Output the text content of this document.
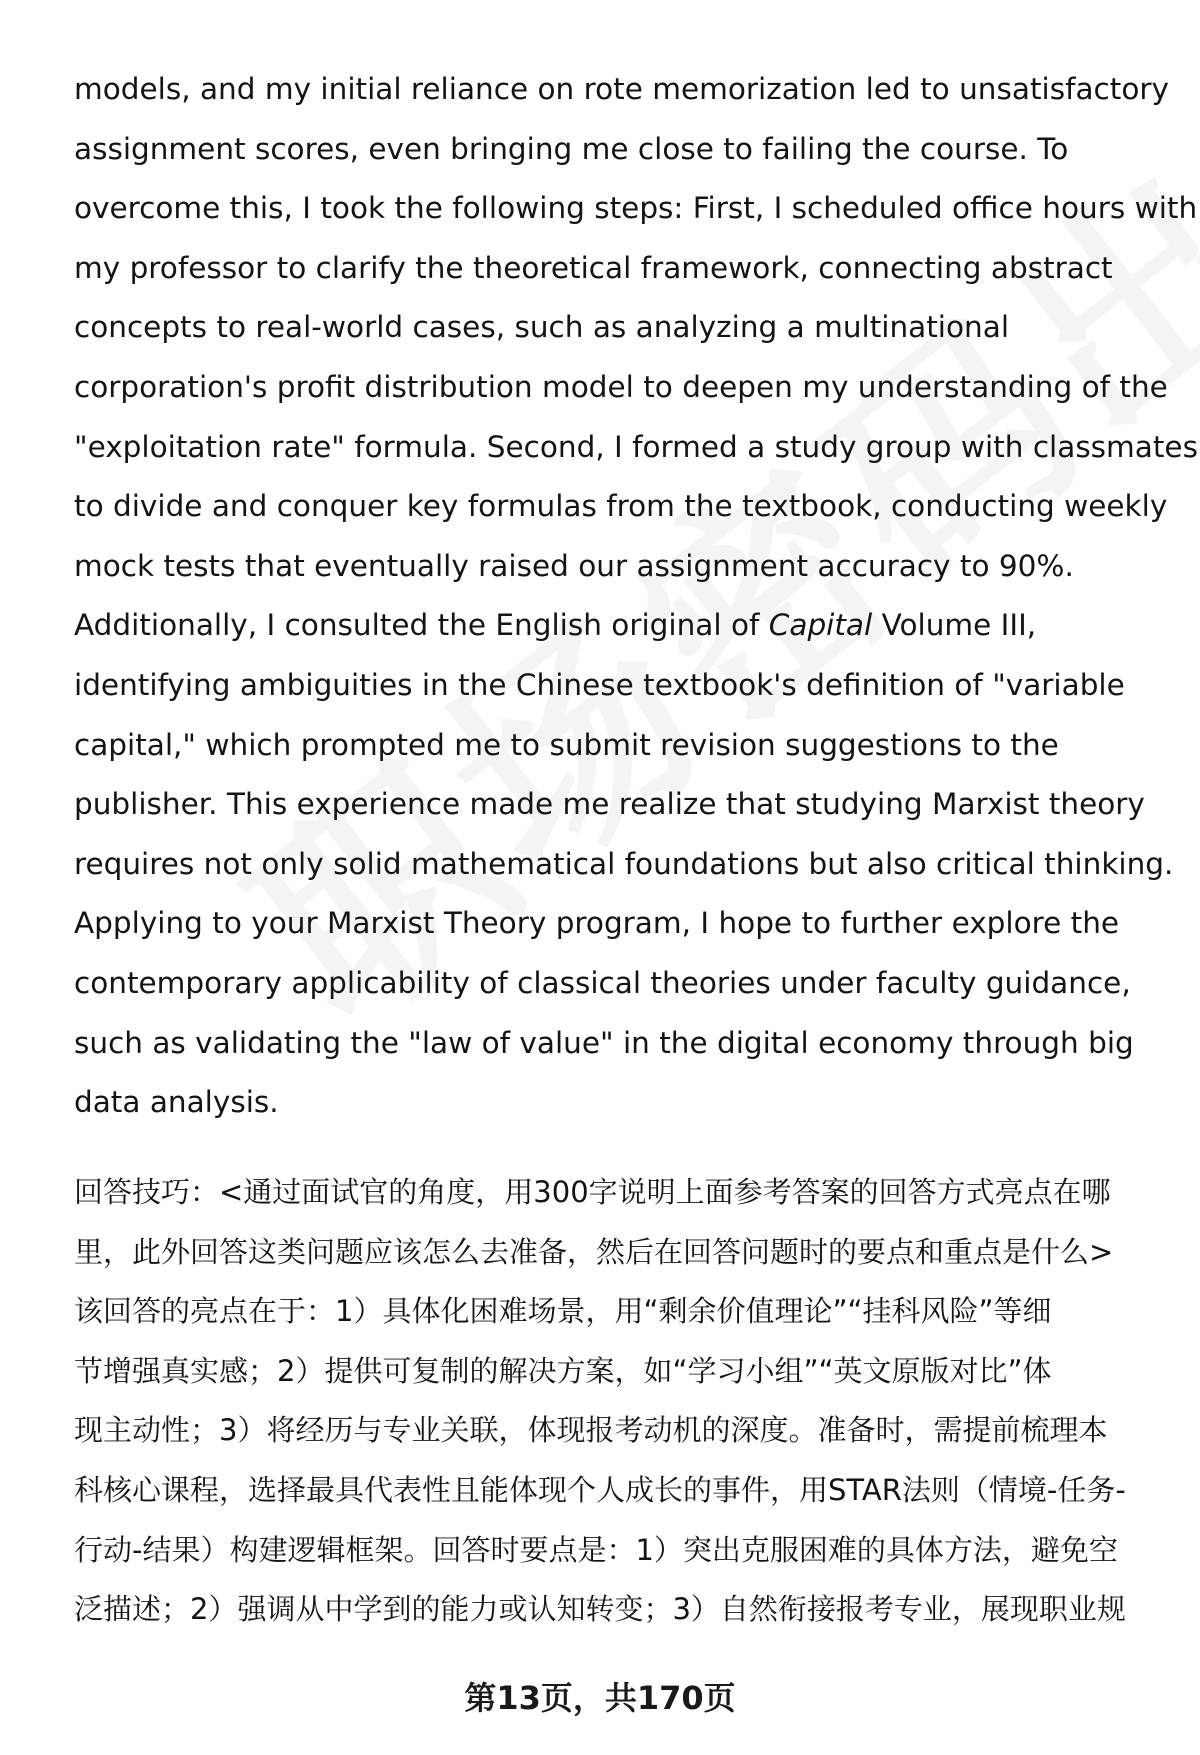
models, and my initial reliance on rote memorization led to unsatisfactory
assignment scores, even bringing me close to failing the course. To
overcome this, I took the following steps: First, I scheduled office hours with
my professor to clarify the theoretical framework, connecting abstract
concepts to real-world cases, such as analyzing a multinational
corporation's profit distribution model to deepen my understanding of the
"exploitation rate" formula. Second, I formed a study group with classmates
to divide and conquer key formulas from the textbook, conducting weekly
mock tests that eventually raised our assignment accuracy to 90%.
Additionally, I consulted the English original of Capital Volume III,
identifying ambiguities in the Chinese textbook's definition of "variable
capital," which prompted me to submit revision suggestions to the
publisher. This experience made me realize that studying Marxist theory
requires not only solid mathematical foundations but also critical thinking.
Applying to your Marxist Theory program, I hope to further explore the
contemporary applicability of classical theories under faculty guidance,
such as validating the "law of value" in the digital economy through big
data analysis.
回答技巧：<通过面试官的角度，用300字说明上面参考答案的回答方式亮点在哪
里，此外回答这类问题应该怎么去准备，然后在回答问题时的要点和重点是什么>
该回答的亮点在于：1）具体化困难场景，用“剩余价值理论”“挂科风险”等细
节增强真实感；2）提供可复制的解决方案，如“学习小组”“英文原版对比”体
现主动性；3）将经历与专业关联，体现报考动机的深度。准备时，需提前梳理本
科核心课程，选择最具代表性且能体现个人成长的事件，用STAR法则（情境-任务-
行动-结果）构建逻辑框架。回答时要点是：1）突出克服困难的具体方法，避免空
泛描述；2）强调从中学到的能力或认知转变；3）自然衔接报考专业，展现职业规
第13页，共170页
